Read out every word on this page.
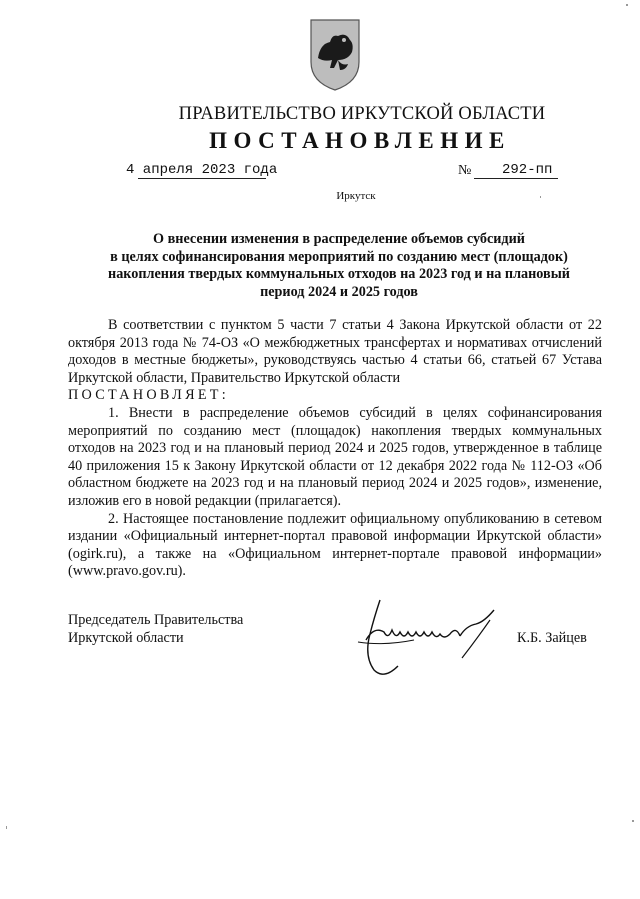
ПРАВИТЕЛЬСТВО ИРКУТСКОЙ ОБЛАСТИ
ПОСТАНОВЛЕНИЕ
4 апреля 2023 года	№ 292-пп
Иркутск
О внесении изменения в распределение объемов субсидий
в целях софинансирования мероприятий по созданию мест (площадок)
накопления твердых коммунальных отходов на 2023 год и на плановый
период 2024 и 2025 годов

В соответствии с пунктом 5 части 7 статьи 4 Закона Иркутской области от 22 октября 2013 года № 74-ОЗ «О межбюджетных трансфертах и нормативах отчислений доходов в местные бюджеты», руководствуясь частью 4 статьи 66, статьей 67 Устава Иркутской области, Правительство Иркутской области

ПОСТАНОВЛЯЕТ:

1. Внести в распределение объемов субсидий в целях софинансирования мероприятий по созданию мест (площадок) накопления твердых коммунальных отходов на 2023 год и на плановый период 2024 и 2025 годов, утвержденное в таблице 40 приложения 15 к Закону Иркутской области от 12 декабря 2022 года № 112-ОЗ «Об областном бюджете на 2023 год и на плановый период 2024 и 2025 годов», изменение, изложив его в новой редакции (прилагается).

2. Настоящее постановление подлежит официальному опубликованию в сетевом издании «Официальный интернет-портал правовой информации Иркутской области» (ogirk.ru), а также на «Официальном интернет-портале правовой информации» (www.pravo.gov.ru).

Председатель Правительства
Иркутской области	К.Б. Зайцев
